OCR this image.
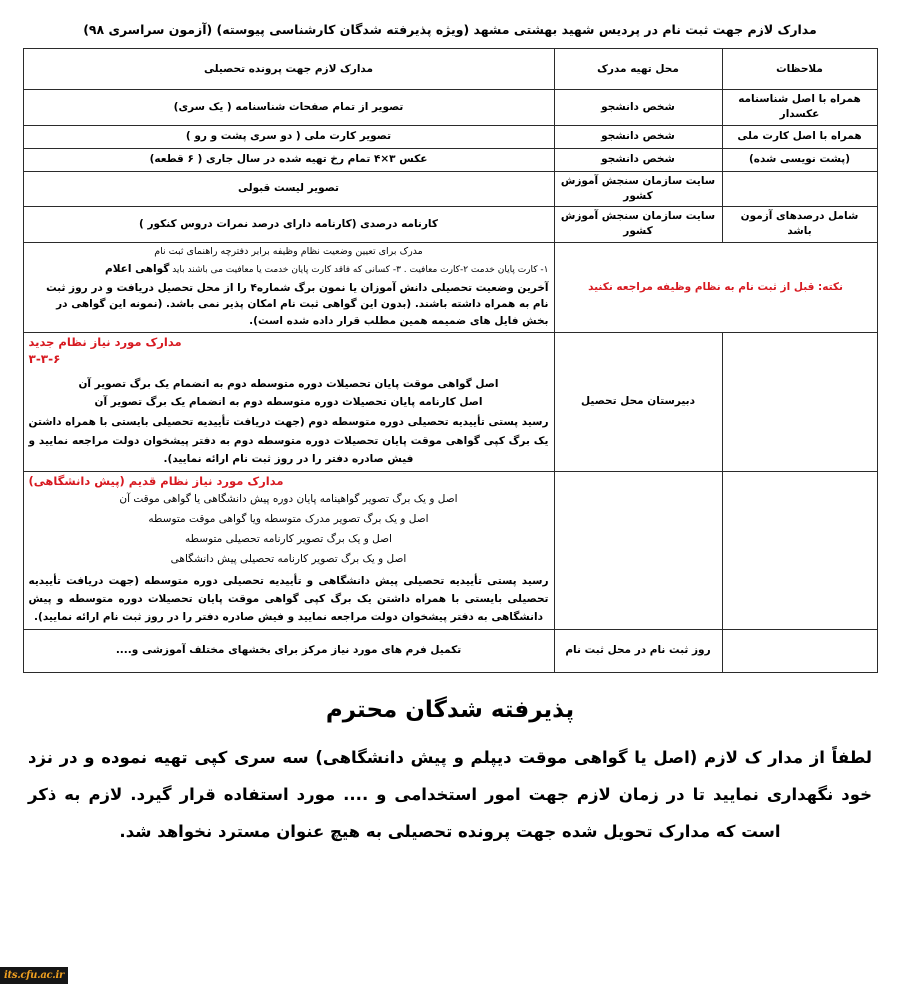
مدارک لازم جهت ثبت نام در پردیس شهید بهشتی مشهد (ویژه پذیرفته شدگان کارشناسی پیوسته) (آزمون سراسری ۹۸)
ملاحظات	محل تهیه مدرک	مدارک لازم جهت پرونده تحصیلی
همراه با اصل شناسنامه عکسدار	شخص دانشجو	تصویر از تمام صفحات شناسنامه ( یک سری)
همراه با اصل کارت ملی	شخص دانشجو	تصویر کارت ملی ( دو سری پشت و رو )
(پشت نویسی شده)	شخص دانشجو	عکس ۳×۴ تمام رخ تهیه شده در سال جاری ( ۶ قطعه)
	سایت سازمان سنجش آموزش کشور	تصویر لیست قبولی
شامل درصدهای آزمون باشد	سایت سازمان سنجش آموزش کشور	کارنامه درصدی (کارنامه دارای درصد نمرات دروس کنکور )
نکته: قبل از ثبت نام به نظام وظیفه مراجعه نکنید		مدرک برای تعیین وضعیت نظام وظیفه برابر دفترچه راهنمای ثبت نام
۱- کارت پایان خدمت ۲-کارت معافیت . ۳- کسانی که فاقد کارت پایان خدمت یا معافیت می باشند باید گواهی اعلام
آخرین وضعیت تحصیلی دانش آموزان یا نمون برگ شماره۴ را از محل تحصیل دریافت و در روز ثبت نام به همراه داشته باشند. (بدون این گواهی ثبت نام امکان پذیر نمی باشد. (نمونه این گواهی در بخش فایل های ضمیمه همین مطلب قرار داده شده است).

	دبیرستان محل تحصیل	مدارک مورد نیاز نظام جدید
۳-۳-۶
اصل گواهی موقت پایان تحصیلات دوره متوسطه دوم به انضمام یک برگ تصویر آن
اصل کارنامه پایان تحصیلات دوره متوسطه دوم به انضمام یک برگ تصویر آن
رسید پستی تأییدیه تحصیلی دوره متوسطه دوم (جهت دریافت تأییدیه تحصیلی بایستی با همراه داشتن یک برگ کپی گواهی موقت پایان تحصیلات دوره متوسطه دوم به دفتر پیشخوان دولت مراجعه نمایید و فیش صادره دفتر را در روز ثبت نام ارائه نمایید).

مدارک مورد نیاز نظام قدیم (پیش دانشگاهی)
اصل و یک برگ تصویر گواهینامه پایان دوره پیش دانشگاهی یا گواهی موقت آن
اصل و یک برگ تصویر مدرک متوسطه ویا گواهی موقت متوسطه
اصل و یک برگ تصویر کارنامه تحصیلی متوسطه
اصل و یک برگ تصویر کارنامه تحصیلی پیش دانشگاهی
رسید پستی تأییدیه تحصیلی پیش دانشگاهی و تأییدیه تحصیلی دوره متوسطه (جهت دریافت تأییدیه تحصیلی بایستی با همراه داشتن یک برگ کپی گواهی موقت پایان تحصیلات دوره متوسطه و پیش دانشگاهی به دفتر پیشخوان دولت مراجعه نمایید و فیش صادره دفتر را در روز ثبت نام ارائه نمایید).

	روز ثبت نام در محل ثبت نام	تکمیل فرم های مورد نیاز مرکز برای بخشهای مختلف آموزشی و....
پذیرفته شدگان محترم
لطفاً از مدار ک لازم (اصل یا گواهی موقت دیپلم و پیش دانشگاهی) سه سری کپی تهیه نموده و در نزد خود نگهداری نمایید تا در زمان لازم جهت امور استخدامی و .... مورد استفاده قرار گیرد. لازم به ذکر است که مدارک تحویل شده جهت پرونده تحصیلی به هیچ عنوان مسترد نخواهد شد.
its.cfu.ac.ir
